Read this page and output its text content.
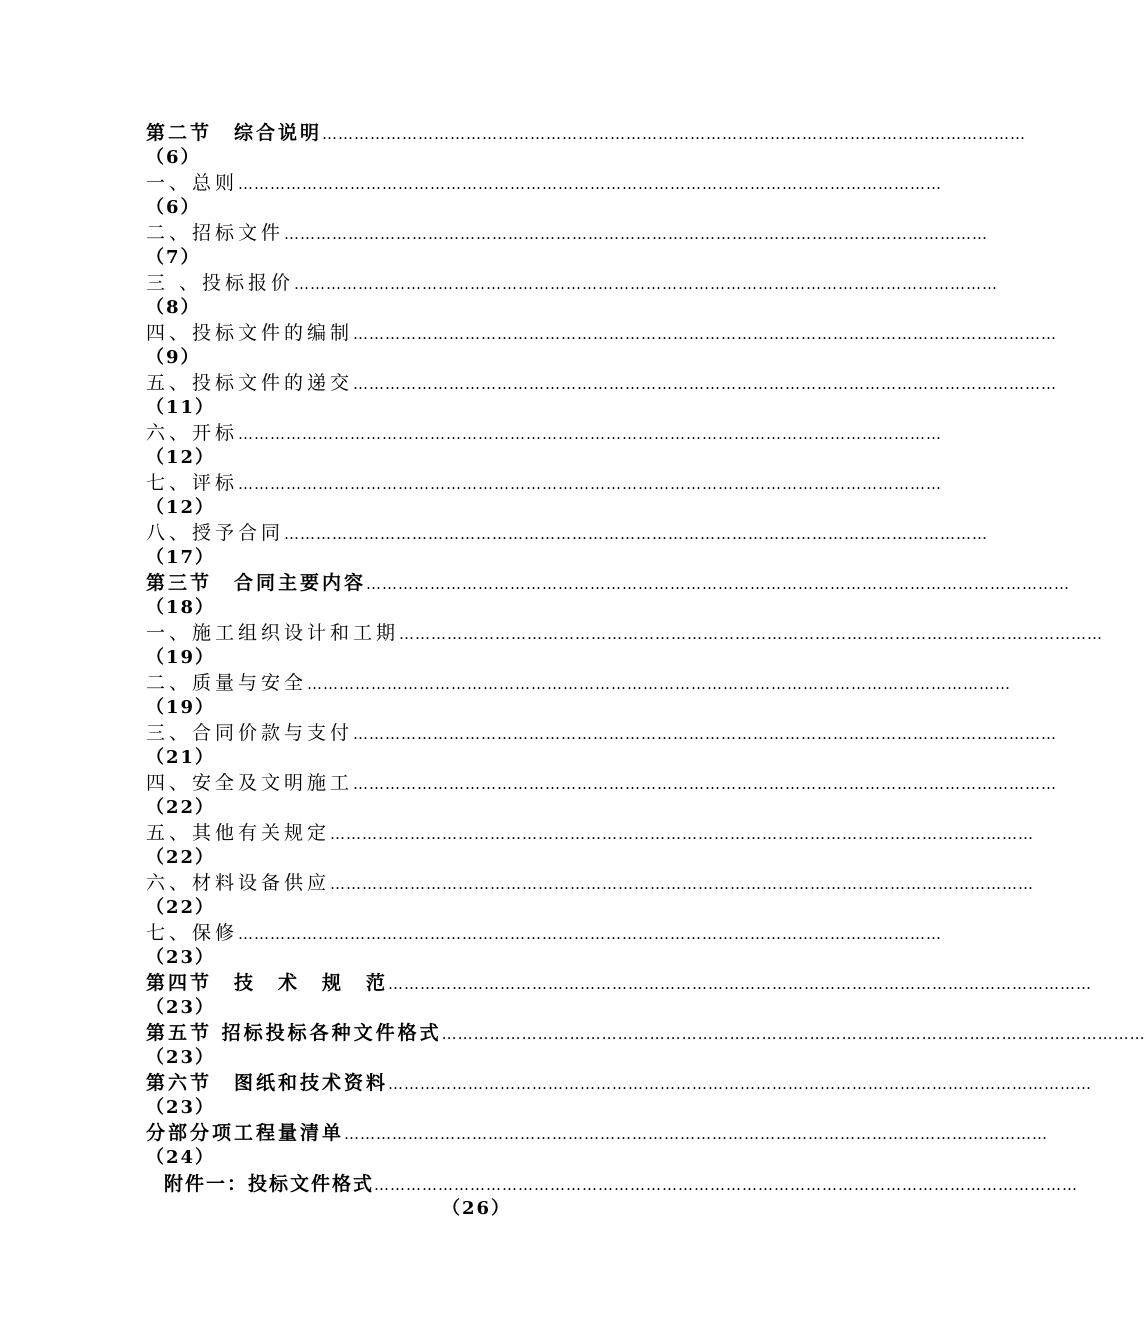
第二节　综合说明 ……………………………………………………………………………………………………………………
（6）
一、总则 ……………………………………………………………………………………………………………………
（6）
二、招标文件 ……………………………………………………………………………………………………………………
（7）
三 、投标报价 ……………………………………………………………………………………………………………………
（8）
四、投标文件的编制 ……………………………………………………………………………………………………………………
（9）
五、投标文件的递交 ……………………………………………………………………………………………………………………
（11）
六、开标 ……………………………………………………………………………………………………………………
（12）
七、评标 ……………………………………………………………………………………………………………………
（12）
八、授予合同 ……………………………………………………………………………………………………………………
（17）
第三节　合同主要内容 ……………………………………………………………………………………………………………………
（18）
一、施工组织设计和工期 ……………………………………………………………………………………………………………………
（19）
二、质量与安全 ……………………………………………………………………………………………………………………
（19）
三、合同价款与支付 ……………………………………………………………………………………………………………………
（21）
四、安全及文明施工 ……………………………………………………………………………………………………………………
（22）
五、其他有关规定 ……………………………………………………………………………………………………………………
（22）
六、材料设备供应 ……………………………………………………………………………………………………………………
（22）
七、保修 ……………………………………………………………………………………………………………………
（23）
第四节　技　术　规　范 ……………………………………………………………………………………………………………………
（23）
第五节 招标投标各种文件格式 ……………………………………………………………………………………………………………………
（23）
第六节　图纸和技术资料 ……………………………………………………………………………………………………………………
（23）
分部分项工程量清单 ……………………………………………………………………………………………………………………
（24）
附件一：投标文件格式 ……………………………………………………………………………………………………………………
（26）
